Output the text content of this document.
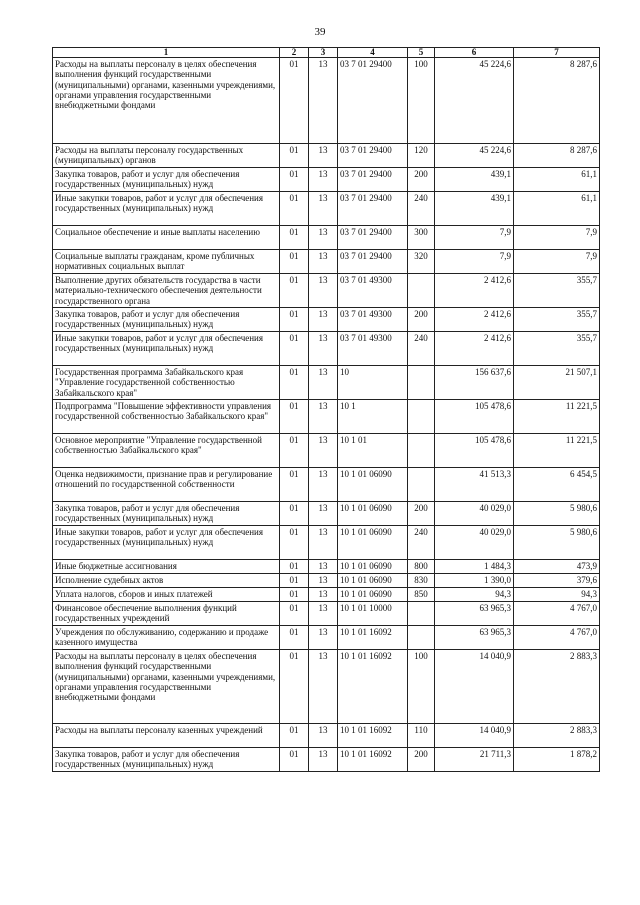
39
1	2	3	4	5	6	7
Расходы на выплаты персоналу в целях обеспечения выполнения функций государственными (муниципальными) органами, казенными учреждениями, органами управления государственными внебюджетными фондами	01	13	03 7 01 29400	100	45 224,6	8 287,6
Расходы на выплаты персоналу государственных (муниципальных) органов	01	13	03 7 01 29400	120	45 224,6	8 287,6
Закупка товаров, работ и услуг для обеспечения государственных (муниципальных) нужд	01	13	03 7 01 29400	200	439,1	61,1
Иные закупки товаров, работ и услуг для обеспечения государственных (муниципальных) нужд	01	13	03 7 01 29400	240	439,1	61,1
Социальное обеспечение и иные выплаты населению	01	13	03 7 01 29400	300	7,9	7,9
Социальные выплаты гражданам, кроме публичных нормативных социальных выплат	01	13	03 7 01 29400	320	7,9	7,9
Выполнение других обязательств государства в части материально-технического обеспечения деятельности государственного органа	01	13	03 7 01 49300		2 412,6	355,7
Закупка товаров, работ и услуг для обеспечения государственных (муниципальных) нужд	01	13	03 7 01 49300	200	2 412,6	355,7
Иные закупки товаров, работ и услуг для обеспечения государственных (муниципальных) нужд	01	13	03 7 01 49300	240	2 412,6	355,7
Государственная программа Забайкальского края "Управление государственной собственностью Забайкальского края"	01	13	10		156 637,6	21 507,1
Подпрограмма "Повышение эффективности управления государственной собственностью Забайкальского края"	01	13	10 1		105 478,6	11 221,5
Основное мероприятие "Управление государственной собственностью Забайкальского края"	01	13	10 1 01		105 478,6	11 221,5
Оценка недвижимости, признание прав и регулирование отношений по государственной собственности	01	13	10 1 01 06090		41 513,3	6 454,5
Закупка товаров, работ и услуг для обеспечения государственных (муниципальных) нужд	01	13	10 1 01 06090	200	40 029,0	5 980,6
Иные закупки товаров, работ и услуг для обеспечения государственных (муниципальных) нужд	01	13	10 1 01 06090	240	40 029,0	5 980,6
Иные бюджетные ассигнования	01	13	10 1 01 06090	800	1 484,3	473,9
Исполнение судебных актов	01	13	10 1 01 06090	830	1 390,0	379,6
Уплата налогов, сборов и иных платежей	01	13	10 1 01 06090	850	94,3	94,3
Финансовое обеспечение выполнения функций государственных учреждений	01	13	10 1 01 10000		63 965,3	4 767,0
Учреждения по обслуживанию, содержанию и продаже казенного имущества	01	13	10 1 01 16092		63 965,3	4 767,0
Расходы на выплаты персоналу в целях обеспечения выполнения функций государственными (муниципальными) органами, казенными учреждениями, органами управления государственными внебюджетными фондами	01	13	10 1 01 16092	100	14 040,9	2 883,3
Расходы на выплаты персоналу казенных учреждений	01	13	10 1 01 16092	110	14 040,9	2 883,3
Закупка товаров, работ и услуг для обеспечения государственных (муниципальных) нужд	01	13	10 1 01 16092	200	21 711,3	1 878,2
